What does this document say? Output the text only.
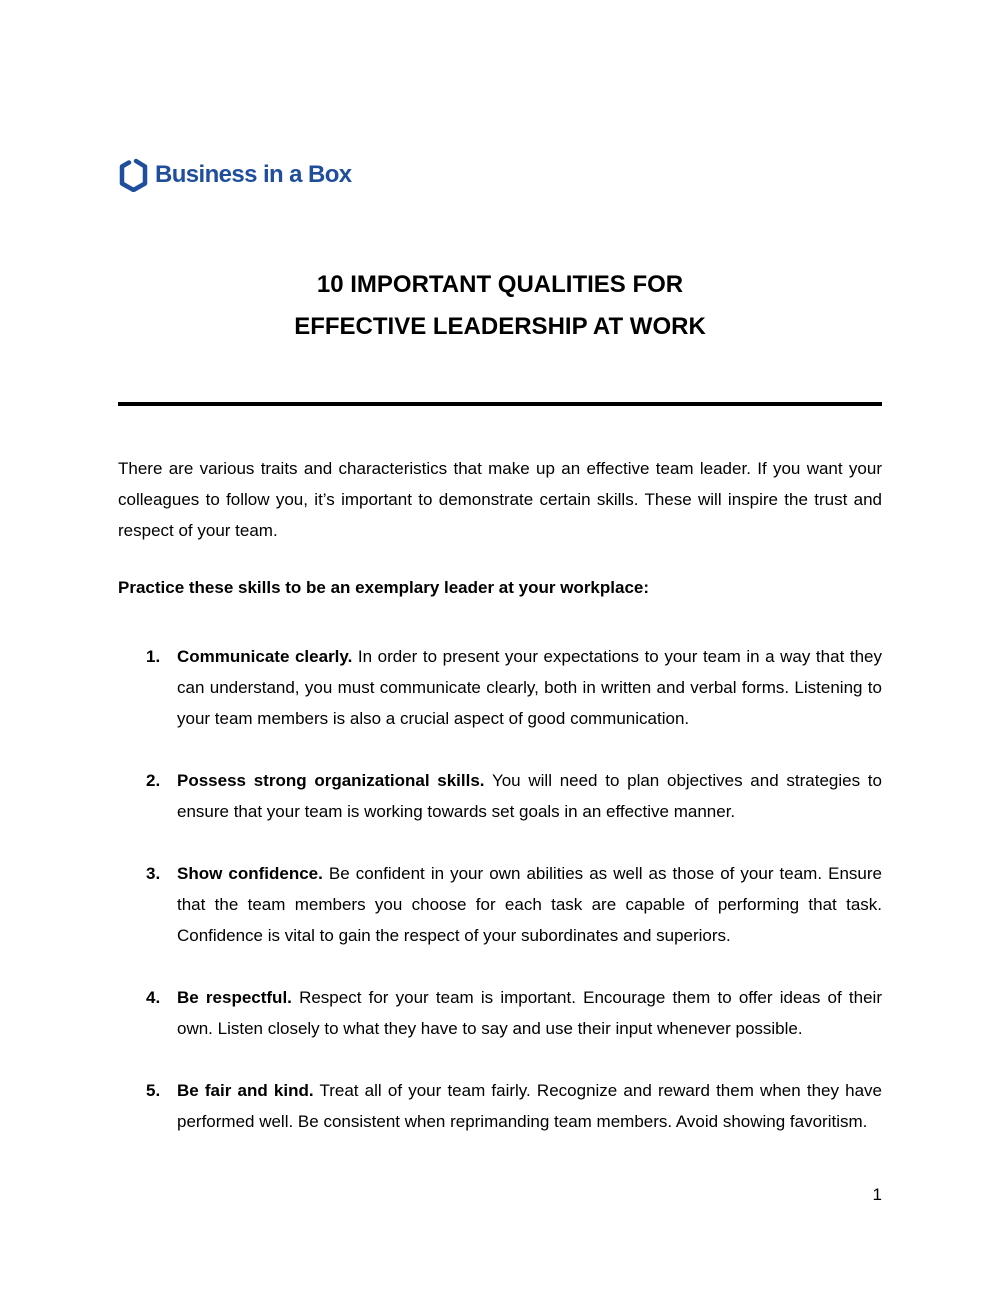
Business in a Box
10 IMPORTANT QUALITIES FOR
EFFECTIVE LEADERSHIP AT WORK

There are various traits and characteristics that make up an effective team leader. If you want your colleagues to follow you, it’s important to demonstrate certain skills. These will inspire the trust and respect of your team.

Practice these skills to be an exemplary leader at your workplace:

1. Communicate clearly. In order to present your expectations to your team in a way that they can understand, you must communicate clearly, both in written and verbal forms. Listening to your team members is also a crucial aspect of good communication.

2. Possess strong organizational skills. You will need to plan objectives and strategies to ensure that your team is working towards set goals in an effective manner.

3. Show confidence. Be confident in your own abilities as well as those of your team. Ensure that the team members you choose for each task are capable of performing that task. Confidence is vital to gain the respect of your subordinates and superiors.

4. Be respectful. Respect for your team is important. Encourage them to offer ideas of their own. Listen closely to what they have to say and use their input whenever possible.

5. Be fair and kind. Treat all of your team fairly. Recognize and reward them when they have performed well. Be consistent when reprimanding team members. Avoid showing favoritism.

1
